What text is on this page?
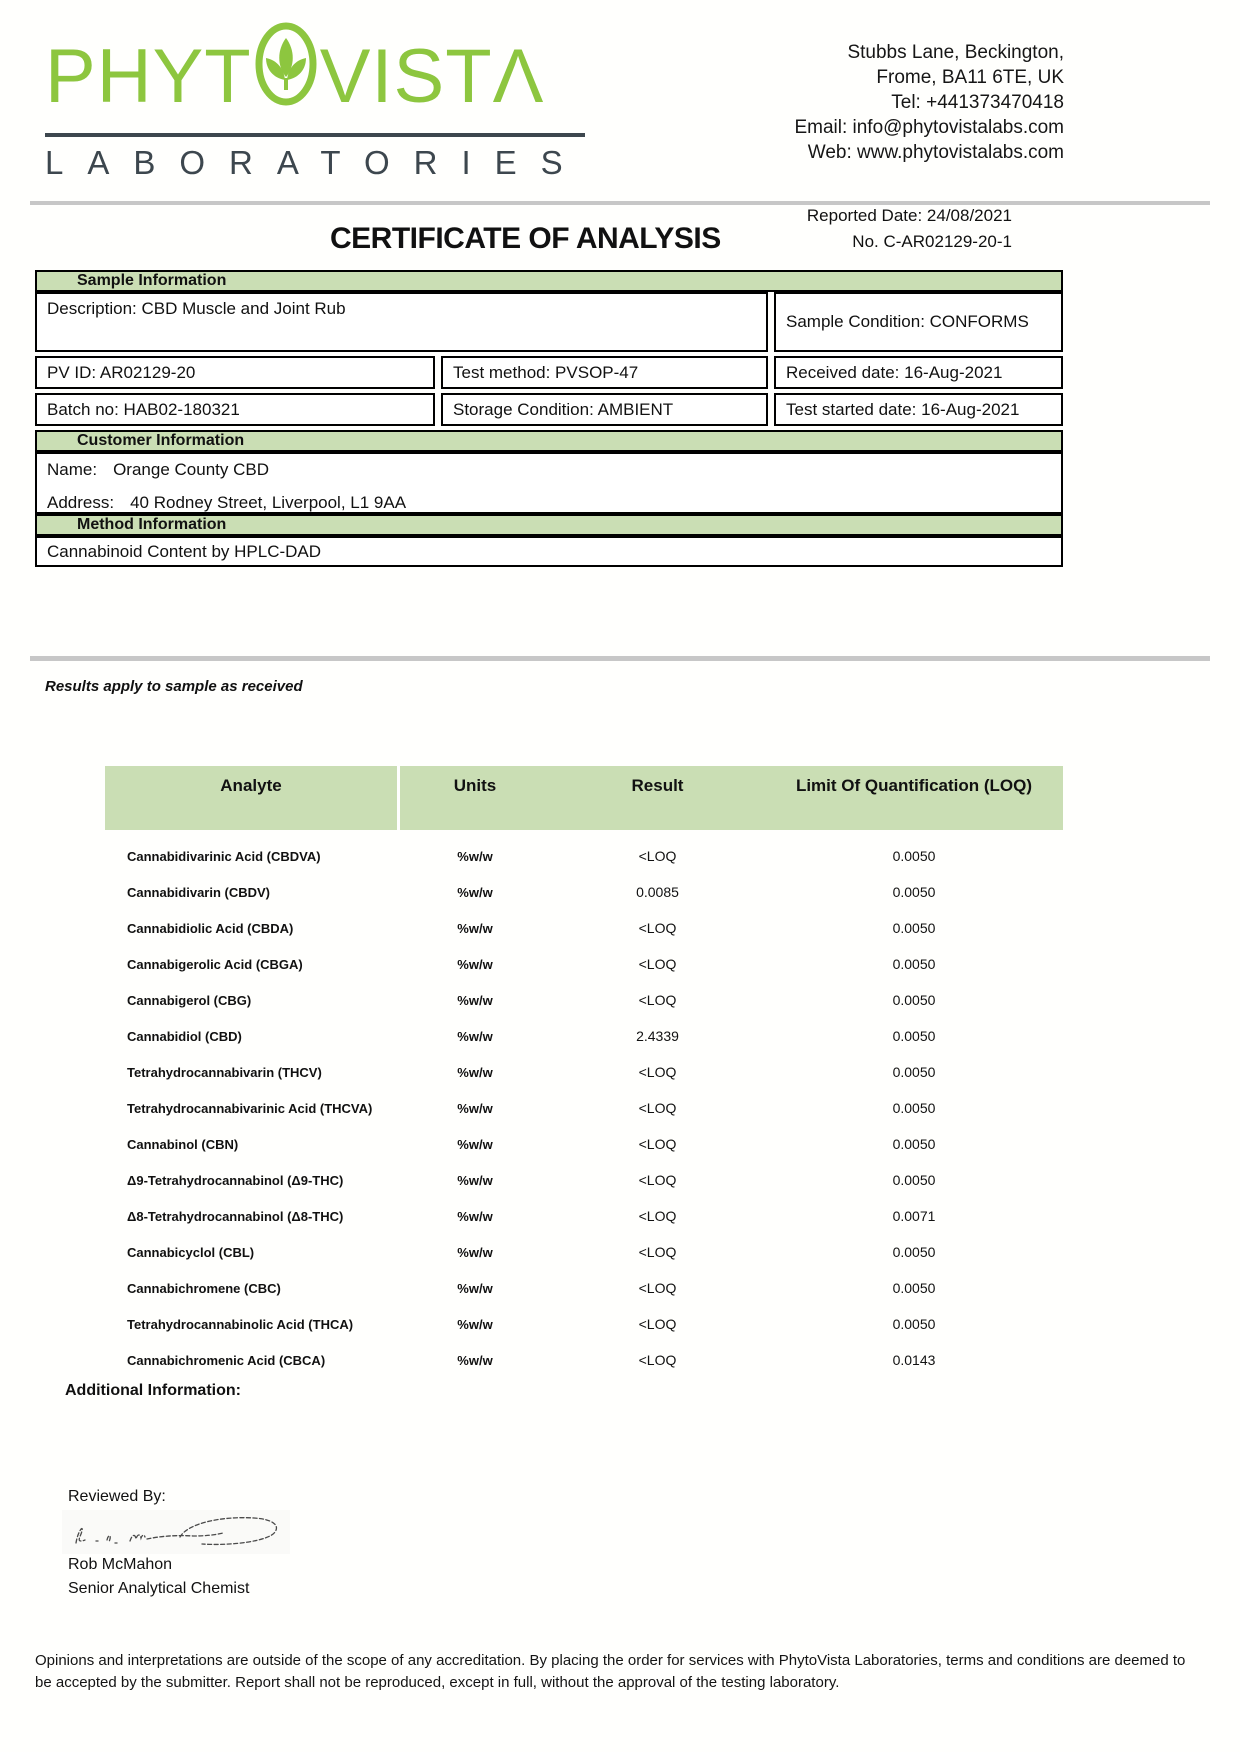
PHYT VIST Λ
LABORATORIES
Stubbs Lane, Beckington,
Frome, BA11 6TE, UK
Tel: +441373470418
Email: info@phytovistalabs.com
Web: www.phytovistalabs.com
Reported Date: 24/08/2021
No. C-AR02129-20-1
CERTIFICATE OF ANALYSIS
Sample Information
Description: CBD Muscle and Joint Rub
Sample Condition: CONFORMS
PV ID: AR02129-20	Test method: PVSOP-47	Received date: 16-Aug-2021
Batch no: HAB02-180321	Storage Condition: AMBIENT	Test started date: 16-Aug-2021
Customer Information
Name: Orange County CBD
Address: 40 Rodney Street, Liverpool, L1 9AA
Method Information
Cannabinoid Content by HPLC-DAD
Results apply to sample as received
Analyte	Units	Result	Limit Of Quantification (LOQ)
Cannabidivarinic Acid (CBDVA)	%w/w	<LOQ	0.0050
Cannabidivarin (CBDV)	%w/w	0.0085	0.0050
Cannabidiolic Acid (CBDA)	%w/w	<LOQ	0.0050
Cannabigerolic Acid (CBGA)	%w/w	<LOQ	0.0050
Cannabigerol (CBG)	%w/w	<LOQ	0.0050
Cannabidiol (CBD)	%w/w	2.4339	0.0050
Tetrahydrocannabivarin (THCV)	%w/w	<LOQ	0.0050
Tetrahydrocannabivarinic Acid (THCVA)	%w/w	<LOQ	0.0050
Cannabinol (CBN)	%w/w	<LOQ	0.0050
Δ9-Tetrahydrocannabinol (Δ9-THC)	%w/w	<LOQ	0.0050
Δ8-Tetrahydrocannabinol (Δ8-THC)	%w/w	<LOQ	0.0071
Cannabicyclol (CBL)	%w/w	<LOQ	0.0050
Cannabichromene (CBC)	%w/w	<LOQ	0.0050
Tetrahydrocannabinolic Acid (THCA)	%w/w	<LOQ	0.0050
Cannabichromenic Acid (CBCA)	%w/w	<LOQ	0.0143
Additional Information:
Reviewed By:
Rob McMahon
Senior Analytical Chemist
Opinions and interpretations are outside of the scope of any accreditation. By placing the order for services with PhytoVista Laboratories, terms and conditions are deemed to be accepted by the submitter. Report shall not be reproduced, except in full, without the approval of the testing laboratory.
